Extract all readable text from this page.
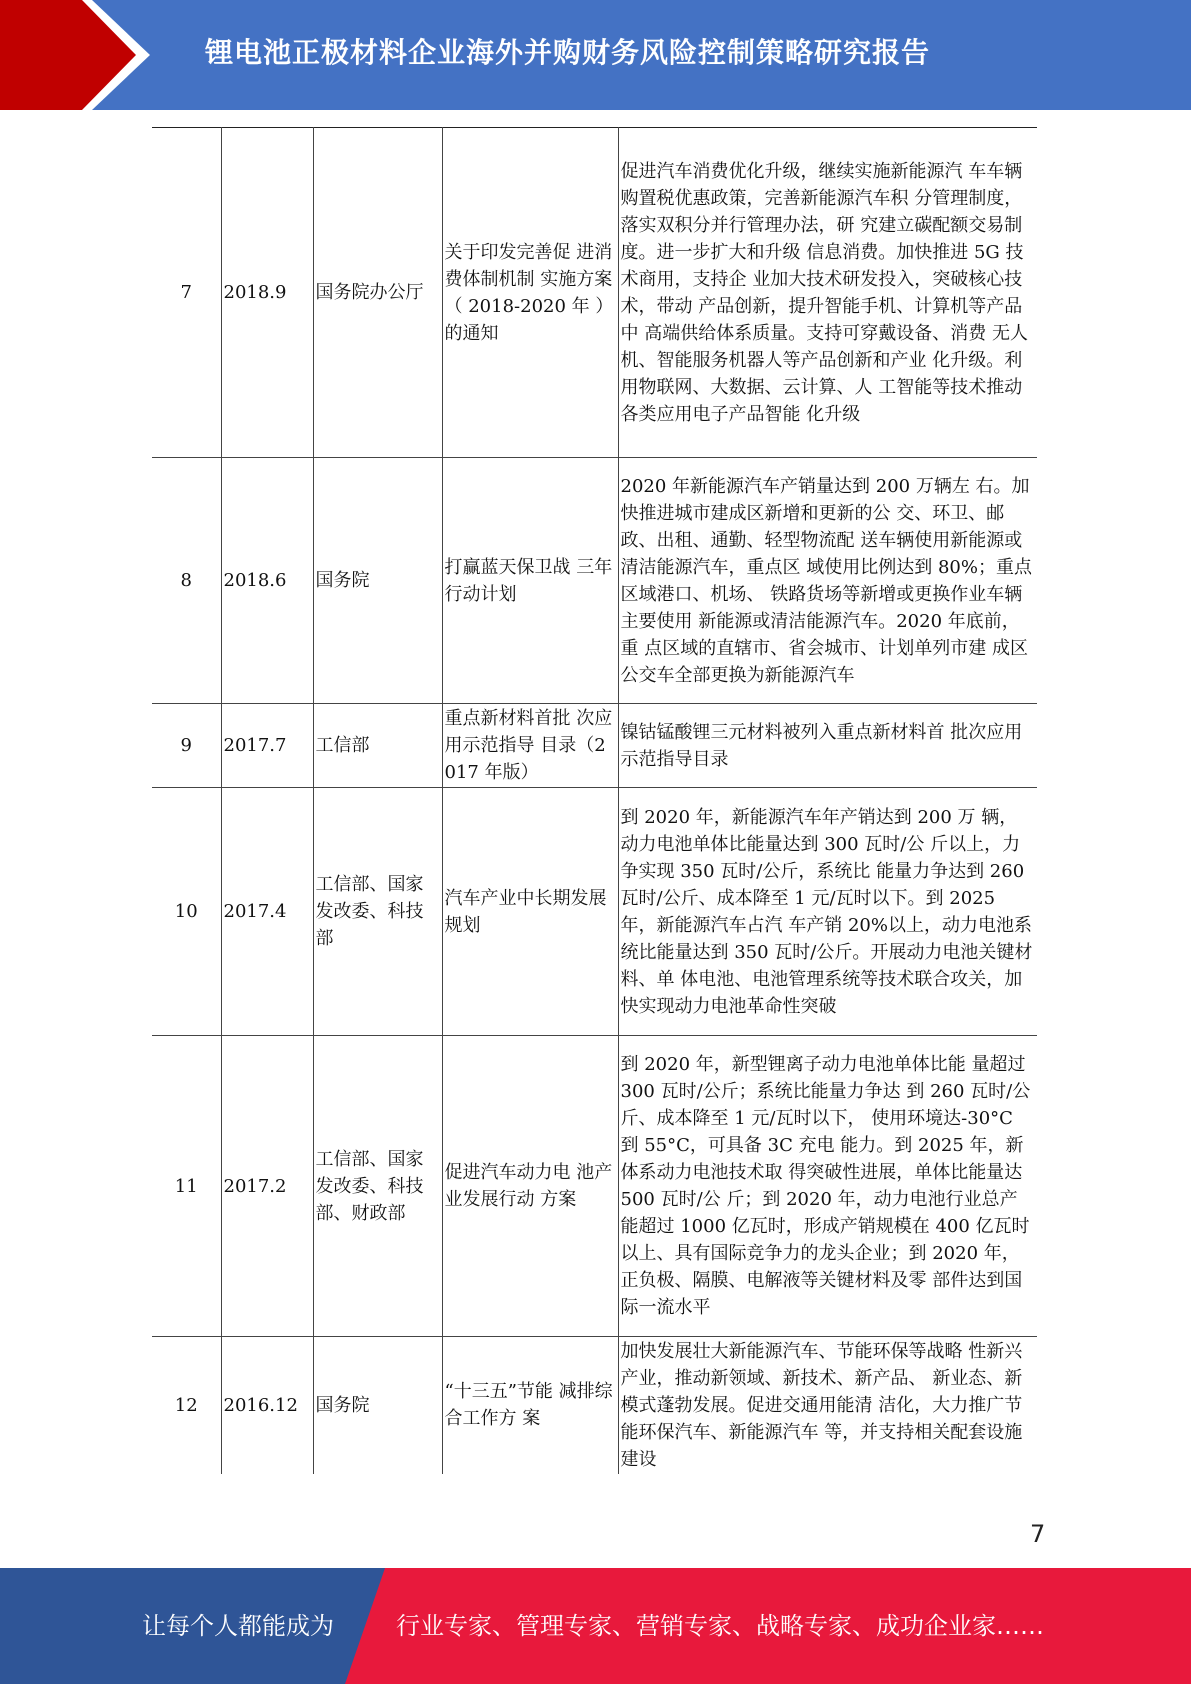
锂电池正极材料企业海外并购财务风险控制策略研究报告
7	2018.9	国务院办公厅	关于印发完善促 进消费体制机制 实施方案（ 2018-2020 年 ）的通知	促进汽车消费优化升级，继续实施新能源汽 车车辆购置税优惠政策，完善新能源汽车积 分管理制度，落实双积分并行管理办法，研 究建立碳配额交易制度。进一步扩大和升级 信息消费。加快推进 5G 技术商用，支持企 业加大技术研发投入，突破核心技术，带动 产品创新，提升智能手机、计算机等产品中 高端供给体系质量。支持可穿戴设备、消费 无人机、智能服务机器人等产品创新和产业 化升级。利用物联网、大数据、云计算、人 工智能等技术推动各类应用电子产品智能 化升级
8	2018.6	国务院	打赢蓝天保卫战 三年行动计划	2020 年新能源汽车产销量达到 200 万辆左 右。加快推进城市建成区新增和更新的公 交、环卫、邮政、出租、通勤、轻型物流配 送车辆使用新能源或清洁能源汽车，重点区 域使用比例达到 80%；重点区域港口、机场、 铁路货场等新增或更换作业车辆主要使用 新能源或清洁能源汽车。2020 年底前，重 点区域的直辖市、省会城市、计划单列市建 成区公交车全部更换为新能源汽车
9	2017.7	工信部	重点新材料首批 次应用示范指导 目录（2017 年版）	镍钴锰酸锂三元材料被列入重点新材料首 批次应用示范指导目录
10	2017.4	工信部、国家发改委、科技部	汽车产业中长期发展规划	到 2020 年，新能源汽车年产销达到 200 万 辆，动力电池单体比能量达到 300 瓦时/公 斤以上，力争实现 350 瓦时/公斤，系统比 能量力争达到 260 瓦时/公斤、成本降至 1 元/瓦时以下。到 2025 年，新能源汽车占汽 车产销 20%以上，动力电池系统比能量达到 350 瓦时/公斤。开展动力电池关键材料、单 体电池、电池管理系统等技术联合攻关，加 快实现动力电池革命性突破
11	2017.2	工信部、国家发改委、科技部、财政部	促进汽车动力电 池产业发展行动 方案	到 2020 年，新型锂离子动力电池单体比能 量超过 300 瓦时/公斤；系统比能量力争达 到 260 瓦时/公斤、成本降至 1 元/瓦时以下， 使用环境达-30°C 到 55°C，可具备 3C 充电 能力。到 2025 年，新体系动力电池技术取 得突破性进展，单体比能量达 500 瓦时/公 斤；到 2020 年，动力电池行业总产能超过 1000 亿瓦时，形成产销规模在 400 亿瓦时 以上、具有国际竞争力的龙头企业；到 2020 年，正负极、隔膜、电解液等关键材料及零 部件达到国际一流水平
12	2016.12	国务院	“十三五”节能 减排综合工作方 案	加快发展壮大新能源汽车、节能环保等战略 性新兴产业，推动新领域、新技术、新产品、 新业态、新模式蓬勃发展。促进交通用能清 洁化，大力推广节能环保汽车、新能源汽车 等，并支持相关配套设施建设
7
让每个人都能成为	行业专家、管理专家、营销专家、战略专家、成功企业家……
